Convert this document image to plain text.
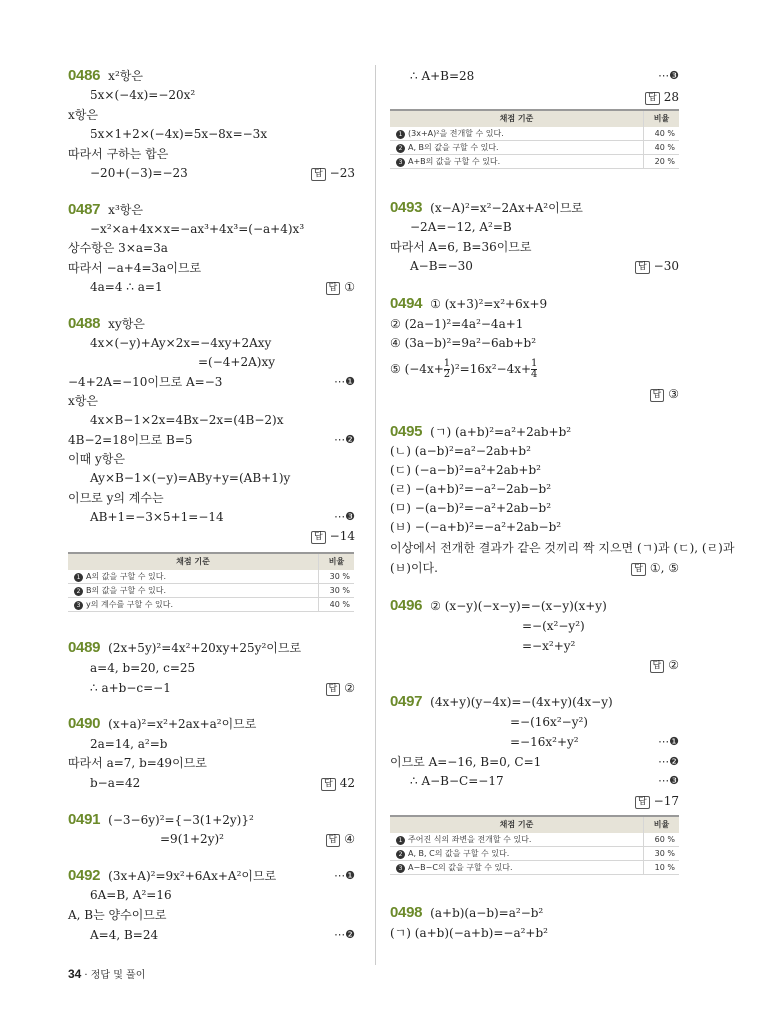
0486 x²항은
5x×(−4x)=−20x²
x항은
5x×1+2×(−4x)=5x−8x=−3x
따라서 구하는 합은
−20+(−3)=−23
0487 x³항은
−x²×a+4x×x=−ax³+4x³=(−a+4)x³
상수항은 3×a=3a
따라서 −a+4=3a이므로
4a=4 ∴ a=1
0488 xy항은
4x×(−y)+Ay×2x=−4xy+2Axy
=(−4+2A)xy
−4+2A=−10이므로 A=−3
x항은
4x×B−1×2x=4Bx−2x=(4B−2)x
4B−2=18이므로 B=5
이때 y항은
Ay×B−1×(−y)=ABy+y=(AB+1)y
이므로 y의 계수는
AB+1=−3×5+1=−14
0489 (2x+5y)²=4x²+20xy+25y²이므로
a=4, b=20, c=25
∴ a+b−c=−1
0490 (x+a)²=x²+2ax+a²이므로
2a=14, a²=b
따라서 a=7, b=49이므로
b−a=42
0491 (−3−6y)²={−3(1+2y)}²
=9(1+2y)²
0492 (3x+A)²=9x²+6Ax+A²이므로
6A=B, A²=16
A, B는 양수이므로
A=4, B=24
답 −23
답 ①
답 −14
답 ②
답 42
답 ④
⋯❶
⋯❷
⋯❸
⋯❶
⋯❷
∴ A+B=28
0493 (x−A)²=x²−2Ax+A²이므로
−2A=−12, A²=B
따라서 A=6, B=36이므로
A−B=−30
0494 ① (x+3)²=x²+6x+9
② (2a−1)²=4a²−4a+1
④ (3a−b)²=9a²−6ab+b²
0495 (ㄱ) (a+b)²=a²+2ab+b²
(ㄴ) (a−b)²=a²−2ab+b²
(ㄷ) (−a−b)²=a²+2ab+b²
(ㄹ) −(a+b)²=−a²−2ab−b²
(ㅁ) −(a−b)²=−a²+2ab−b²
(ㅂ) −(−a+b)²=−a²+2ab−b²
이상에서 전개한 결과가 같은 것끼리 짝 지으면 (ㄱ)과 (ㄷ), (ㄹ)과
(ㅂ)이다.
0496 ② (x−y)(−x−y)=−(x−y)(x+y)
=−(x²−y²)
=−x²+y²
0497 (4x+y)(y−4x)=−(4x+y)(4x−y)
=−(16x²−y²)
=−16x²+y²
이므로 A=−16, B=0, C=1
∴ A−B−C=−17
0498 (a+b)(a−b)=a²−b²
(ㄱ) (a+b)(−a+b)=−a²+b²
답 28
답 −30
답 ③
답 ①, ⑤
답 ②
답 −17
⋯❸
⋯❶
⋯❷
⋯❸
채점 기준	비율
1 A의 값을 구할 수 있다.	30 %
2 B의 값을 구할 수 있다.	30 %
3 y의 계수를 구할 수 있다.	40 %
채점 기준	비율
1 (3x+A)²을 전개할 수 있다.	40 %
2 A, B의 값을 구할 수 있다.	40 %
3 A+B의 값을 구할 수 있다.	20 %
채점 기준	비율
1 주어진 식의 좌변을 전개할 수 있다.	60 %
2 A, B, C의 값을 구할 수 있다.	30 %
3 A−B−C의 값을 구할 수 있다.	10 %
⑤ $(-4x+ \frac{1}{2} )^2=16x^2-4x+ \frac{1}{4}$
34 · 정답 및 풀이
